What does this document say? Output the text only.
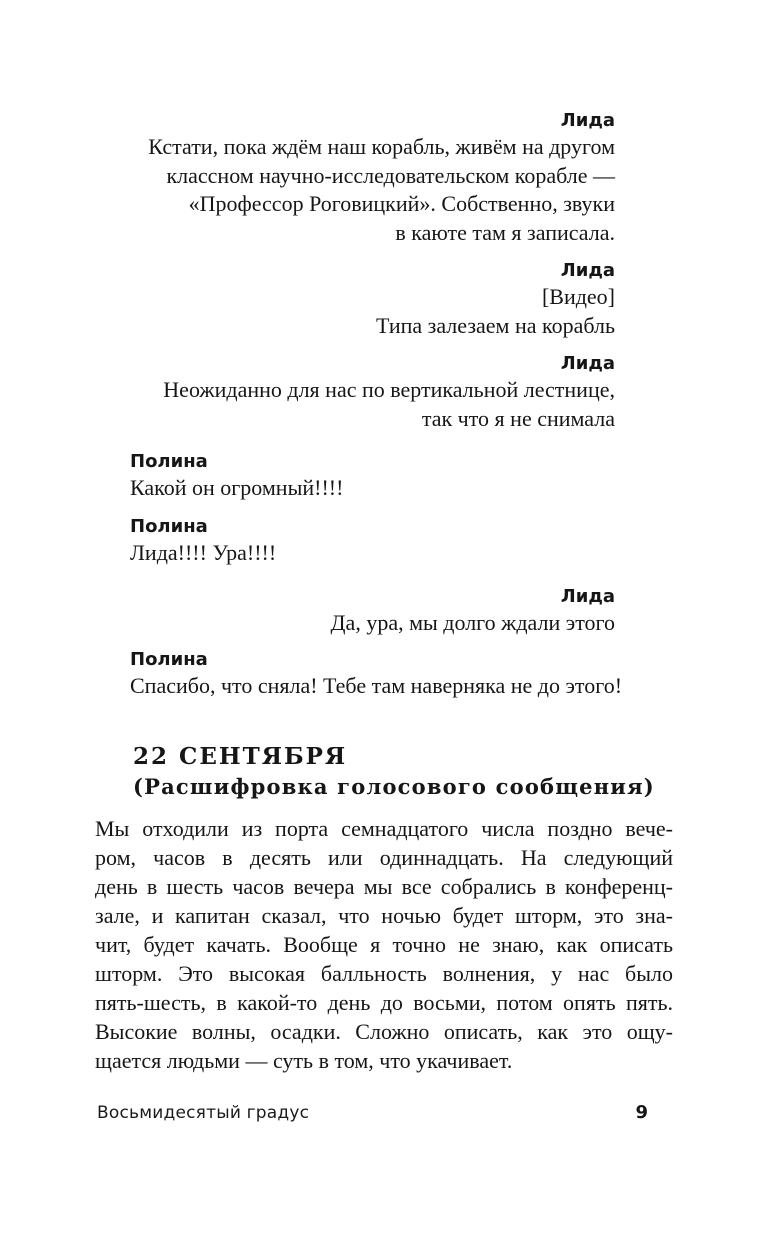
Лида
Кстати, пока ждём наш корабль, живём на другом
классном научно-исследовательском корабле —
«Профессор Роговицкий». Собственно, звуки
в каюте там я записала.
Лида
[Видео]
Типа залезаем на корабль
Лида
Неожиданно для нас по вертикальной лестнице,
так что я не снимала
Полина
Какой он огромный!!!!
Полина
Лида!!!! Ура!!!!
Лида
Да, ура, мы долго ждали этого
Полина
Спасибо, что сняла! Тебе там наверняка не до этого!
22 СЕНТЯБРЯ
(Расшифровка голосового сообщения)
Мы отходили из порта семнадцатого числа поздно вече-
ром, часов в десять или одиннадцать. На следующий
день в шесть часов вечера мы все собрались в конференц-
зале, и капитан сказал, что ночью будет шторм, это зна-
чит, будет качать. Вообще я точно не знаю, как описать
шторм. Это высокая балльность волнения, у нас было
пять-шесть, в какой-то день до восьми, потом опять пять.
Высокие волны, осадки. Сложно описать, как это ощу-
щается людьми — суть в том, что укачивает.
Восьмидесятый градус	9
